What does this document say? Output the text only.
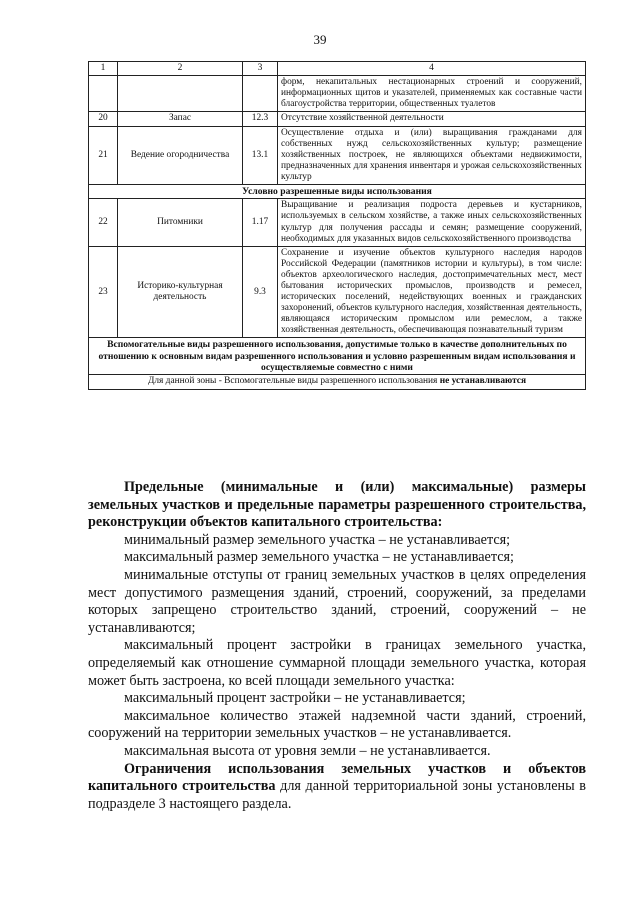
39
1	2	3	4
			форм, некапитальных нестационарных строений и сооружений, информационных щитов и указателей, применяемых как составные части благоустройства территории, общественных туалетов
20	Запас	12.3	Отсутствие хозяйственной деятельности
21	Ведение огородничества	13.1	Осуществление отдыха и (или) выращивания гражданами для собственных нужд сельскохозяйственных культур; размещение хозяйственных построек, не являющихся объектами недвижимости, предназначенных для хранения инвентаря и урожая сельскохозяйственных культур
Условно разрешенные виды использования			
22	Питомники	1.17	Выращивание и реализация подроста деревьев и кустарников, используемых в сельском хозяйстве, а также иных сельскохозяйственных культур для получения рассады и семян; размещение сооружений, необходимых для указанных видов сельскохозяйственного производства
23	Историко-культурная деятельность	9.3	Сохранение и изучение объектов культурного наследия народов Российской Федерации (памятников истории и культуры), в том числе: объектов археологического наследия, достопримечательных мест, мест бытования исторических промыслов, производств и ремесел, исторических поселений, недействующих военных и гражданских захоронений, объектов культурного наследия, хозяйственная деятельность, являющаяся историческим промыслом или ремеслом, а также хозяйственная деятельность, обеспечивающая познавательный туризм
Вспомогательные виды разрешенного использования, допустимые только в качестве дополнительных по отношению к основным видам разрешенного использования и условно разрешенным видам использования и осуществляемые совместно с ними			
Для данной зоны - Вспомогательные виды разрешенного использования не устанавливаются			

Предельные (минимальные и (или) максимальные) размеры земельных участков и предельные параметры разрешенного строительства, реконструкции объектов капитального строительства:

минимальный размер земельного участка – не устанавливается;

максимальный размер земельного участка – не устанавливается;

минимальные отступы от границ земельных участков в целях определения мест допустимого размещения зданий, строений, сооружений, за пределами которых запрещено строительство зданий, строений, сооружений – не устанавливаются;

максимальный процент застройки в границах земельного участка, определяемый как отношение суммарной площади земельного участка, которая может быть застроена, ко всей площади земельного участка:

максимальный процент застройки – не устанавливается;

максимальное количество этажей надземной части зданий, строений, сооружений на территории земельных участков – не устанавливается.

максимальная высота от уровня земли – не устанавливается.

Ограничения использования земельных участков и объектов капитального строительства для данной территориальной зоны установлены в подразделе 3 настоящего раздела.
